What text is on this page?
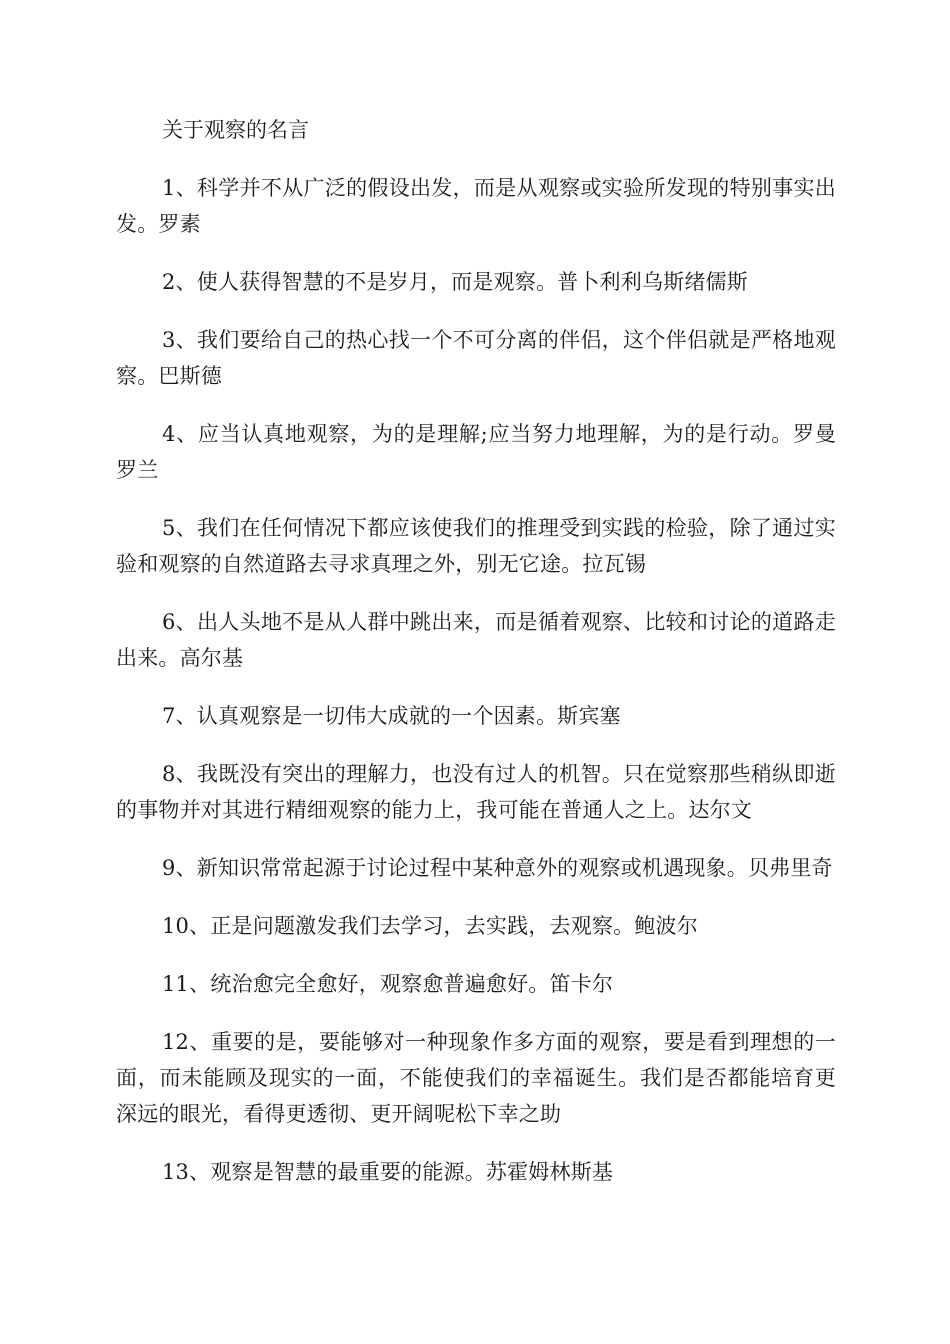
关于观察的名言

1、科学并不从广泛的假设出发，而是从观察或实验所发现的特别事实出发。罗素

2、使人获得智慧的不是岁月，而是观察。普卜利利乌斯绪儒斯

3、我们要给自己的热心找一个不可分离的伴侣，这个伴侣就是严格地观察。巴斯德

4、应当认真地观察，为的是理解;应当努力地理解，为的是行动。罗曼罗兰

5、我们在任何情况下都应该使我们的推理受到实践的检验，除了通过实验和观察的自然道路去寻求真理之外，别无它途。拉瓦锡

6、出人头地不是从人群中跳出来，而是循着观察、比较和讨论的道路走出来。高尔基

7、认真观察是一切伟大成就的一个因素。斯宾塞

8、我既没有突出的理解力，也没有过人的机智。只在觉察那些稍纵即逝的事物并对其进行精细观察的能力上，我可能在普通人之上。达尔文

9、新知识常常起源于讨论过程中某种意外的观察或机遇现象。贝弗里奇

10、正是问题激发我们去学习，去实践，去观察。鲍波尔

11、统治愈完全愈好，观察愈普遍愈好。笛卡尔

12、重要的是，要能够对一种现象作多方面的观察，要是看到理想的一面，而未能顾及现实的一面，不能使我们的幸福诞生。我们是否都能培育更深远的眼光，看得更透彻、更开阔呢松下幸之助

13、观察是智慧的最重要的能源。苏霍姆林斯基
